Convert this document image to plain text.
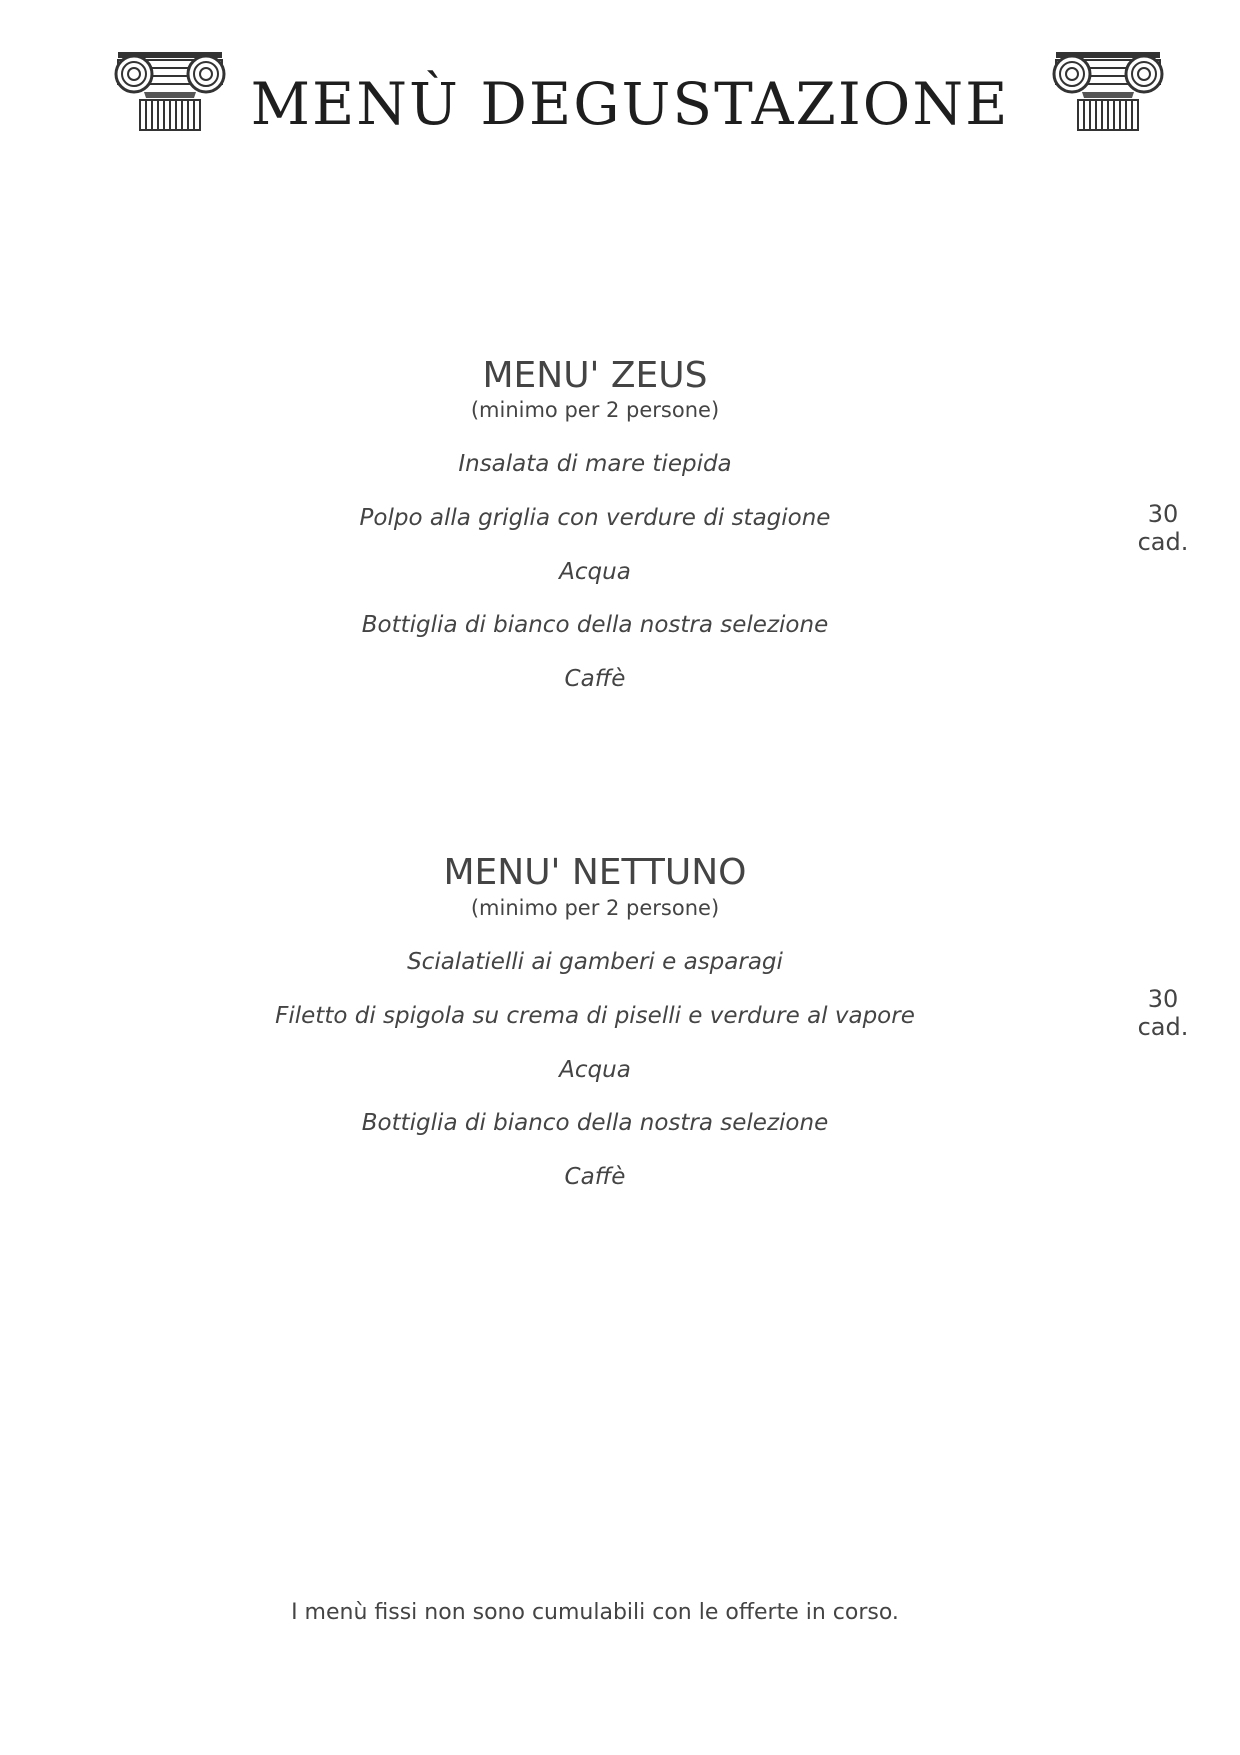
MENÙ DEGUSTAZIONE
MENU' ZEUS
(minimo per 2 persone)
Insalata di mare tiepida
Polpo alla griglia con verdure di stagione
Acqua
Bottiglia di bianco della nostra selezione
Caffè
30
cad.
MENU' NETTUNO
(minimo per 2 persone)
Scialatielli ai gamberi e asparagi
Filetto di spigola su crema di piselli e verdure al vapore
Acqua
Bottiglia di bianco della nostra selezione
Caffè
30
cad.
I menù fissi non sono cumulabili con le offerte in corso.
